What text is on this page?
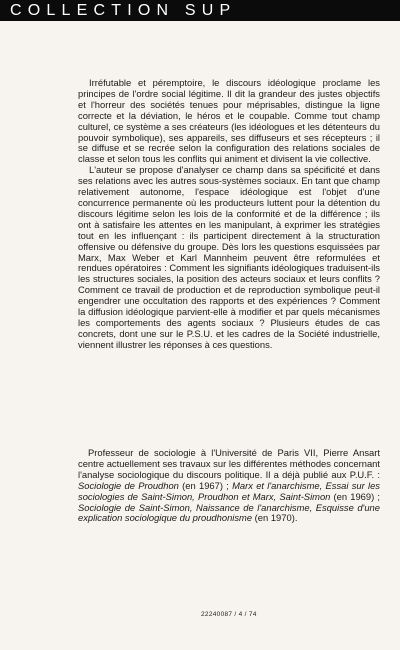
COLLECTION SUP

Irréfutable et péremptoire, le discours idéologique proclame les principes de l'ordre social légitime. Il dit la grandeur des justes objectifs et l'horreur des sociétés tenues pour méprisables, distingue la ligne correcte et la déviation, le héros et le coupable. Comme tout champ culturel, ce système a ses créateurs (les idéologues et les détenteurs du pouvoir symbolique), ses appareils, ses diffuseurs et ses récepteurs ; il se diffuse et se recrée selon la configuration des relations sociales de classe et selon tous les conflits qui animent et divisent la vie collective.

L'auteur se propose d'analyser ce champ dans sa spécificité et dans ses relations avec les autres sous-systèmes sociaux. En tant que champ relativement autonome, l'espace idéologique est l'objet d'une concurrence permanente où les producteurs luttent pour la détention du discours légitime selon les lois de la conformité et de la différence ; ils ont à satisfaire les attentes en les manipulant, à exprimer les stratégies tout en les influençant : ils participent directement à la structuration offensive ou défensive du groupe. Dès lors les questions esquissées par Marx, Max Weber et Karl Mannheim peuvent être reformulées et rendues opératoires : Comment les signifiants idéologiques traduisent-ils les structures sociales, la position des acteurs sociaux et leurs conflits ? Comment ce travail de production et de reproduction symbolique peut-il engendrer une occultation des rapports et des expériences ? Comment la diffusion idéologique parvient-elle à modifier et par quels mécanismes les comportements des agents sociaux ? Plusieurs études de cas concrets, dont une sur le P.S.U. et les cadres de la Société industrielle, viennent illustrer les réponses à ces questions.

Professeur de sociologie à l'Université de Paris VII, Pierre Ansart centre actuellement ses travaux sur les différentes méthodes concernant l'analyse sociologique du discours politique. Il a déjà publié aux P.U.F. : Sociologie de Proudhon (en 1967) ; Marx et l'anarchisme, Essai sur les sociologies de Saint-Simon, Proudhon et Marx, Saint-Simon (en 1969) ; Sociologie de Saint-Simon, Naissance de l'anarchisme, Esquisse d'une explication sociologique du proudhonisme (en 1970).

22240087 / 4 / 74
